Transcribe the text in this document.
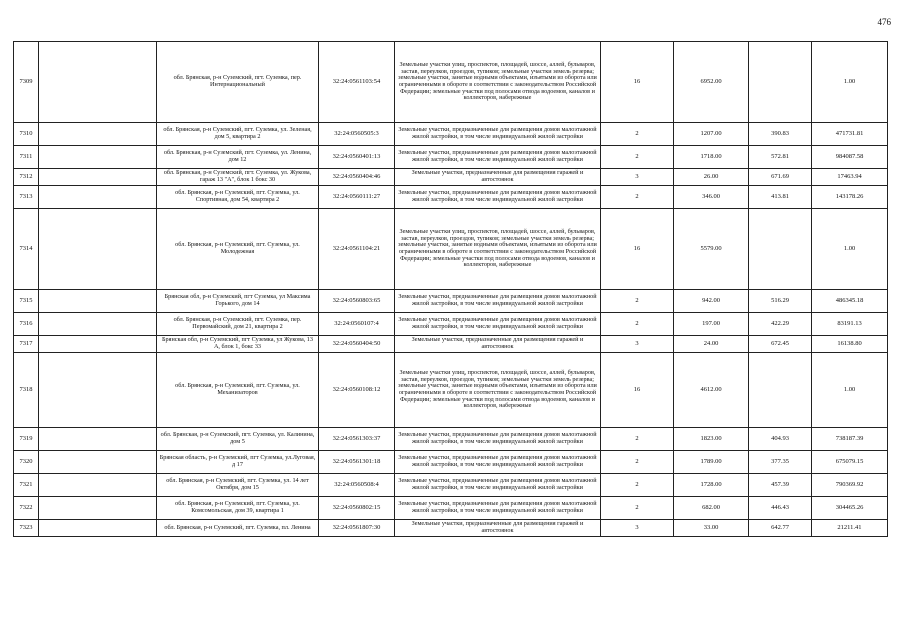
476
7309		обл. Брянская, р-н Суземский, пгт. Суземка, пер. Интернациональный	32:24:0561103:54	Земельные участки улиц, проспектов, площадей, шоссе, аллей, бульваров, застав, переулков, проездов, тупиков; земельные участки земель резерва; земельные участки, занятые водными объектами, изъятыми из оборота или ограниченными в обороте в соответствии с законодательством Российской Федерации; земельные участки под полосами отвода водоемов, каналов и коллекторов, набережные	16	6952.00		1.00
7310		обл. Брянская, р-н Суземский, пгт. Суземка, ул. Зеленая, дом 5, квартира 2	32:24:0560505:3	Земельные участки, предназначенные для размещения домов малоэтажной жилой застройки, в том числе индивидуальной жилой застройки	2	1207.00	390.83	471731.81
7311		обл. Брянская, р-н Суземский, пгт. Суземка, ул. Ленина, дом 12	32:24:0560401:13	Земельные участки, предназначенные для размещения домов малоэтажной жилой застройки, в том числе индивидуальной жилой застройки	2	1718.00	572.81	984087.58
7312		обл. Брянская, р-н Суземский, пгт. Суземка, ул. Жукова, гараж 13 "А", блок 1 бокс 30	32:24:0560404:46	Земельные участки, предназначенные для размещения гаражей и автостоянок	3	26.00	671.69	17463.94
7313		обл. Брянская, р-н Суземский, пгт. Суземка, ул. Спортивная, дом 54, квартира 2	32:24:0560111:27	Земельные участки, предназначенные для размещения домов малоэтажной жилой застройки, в том числе индивидуальной жилой застройки	2	346.00	413.81	143178.26
7314		обл. Брянская, р-н Суземский, пгт. Суземка, ул. Молодежная	32:24:0561104:21	Земельные участки улиц, проспектов, площадей, шоссе, аллей, бульваров, застав, переулков, проездов, тупиков; земельные участки земель резерва; земельные участки, занятые водными объектами, изъятыми из оборота или ограниченными в обороте в соответствии с законодательством Российской Федерации; земельные участки под полосами отвода водоемов, каналов и коллекторов, набережные	16	5579.00		1.00
7315		Брянская обл, р-н Суземский, пгт Суземка, ул Максима Горького, дом 14	32:24:0560803:65	Земельные участки, предназначенные для размещения домов малоэтажной жилой застройки, в том числе индивидуальной жилой застройки	2	942.00	516.29	486345.18
7316		обл. Брянская, р-н Суземский, пгт. Суземка, пер. Первомайский, дом 21, квартира 2	32:24:0560107:4	Земельные участки, предназначенные для размещения домов малоэтажной жилой застройки, в том числе индивидуальной жилой застройки	2	197.00	422.29	83191.13
7317		Брянская обл, р-н Суземский, пгт Суземка, ул Жукова, 13 А, блок 1, бокс 33	32:24:0560404:50	Земельные участки, предназначенные для размещения гаражей и автостоянок	3	24.00	672.45	16138.80
7318		обл. Брянская, р-н Суземский, пгт. Суземка, ул. Механизаторов	32:24:0560108:12	Земельные участки улиц, проспектов, площадей, шоссе, аллей, бульваров, застав, переулков, проездов, тупиков; земельные участки земель резерва; земельные участки, занятые водными объектами, изъятыми из оборота или ограниченными в обороте в соответствии с законодательством Российской Федерации; земельные участки под полосами отвода водоемов, каналов и коллекторов, набережные	16	4612.00		1.00
7319		обл. Брянская, р-н Суземский, пгт. Суземка, ул. Калинина, дом 5	32:24:0561303:37	Земельные участки, предназначенные для размещения домов малоэтажной жилой застройки, в том числе индивидуальной жилой застройки	2	1823.00	404.93	738187.39
7320		Брянская область, р-н Суземский, пгт Суземка, ул.Луговая, д 17	32:24:0561301:18	Земельные участки, предназначенные для размещения домов малоэтажной жилой застройки, в том числе индивидуальной жилой застройки	2	1789.00	377.35	675079.15
7321		обл. Брянская, р-н Суземский, пгт. Суземка, ул. 14 лет Октября, дом 15	32:24:0560508:4	Земельные участки, предназначенные для размещения домов малоэтажной жилой застройки, в том числе индивидуальной жилой застройки	2	1728.00	457.39	790369.92
7322		обл. Брянская, р-н Суземский, пгт. Суземка, ул. Комсомольская, дом 39, квартира 1	32:24:0560802:15	Земельные участки, предназначенные для размещения домов малоэтажной жилой застройки, в том числе индивидуальной жилой застройки	2	682.00	446.43	304465.26
7323		обл. Брянская, р-н Суземский, пгт. Суземка, пл. Ленина	32:24:0561807:30	Земельные участки, предназначенные для размещения гаражей и автостоянок	3	33.00	642.77	21211.41
